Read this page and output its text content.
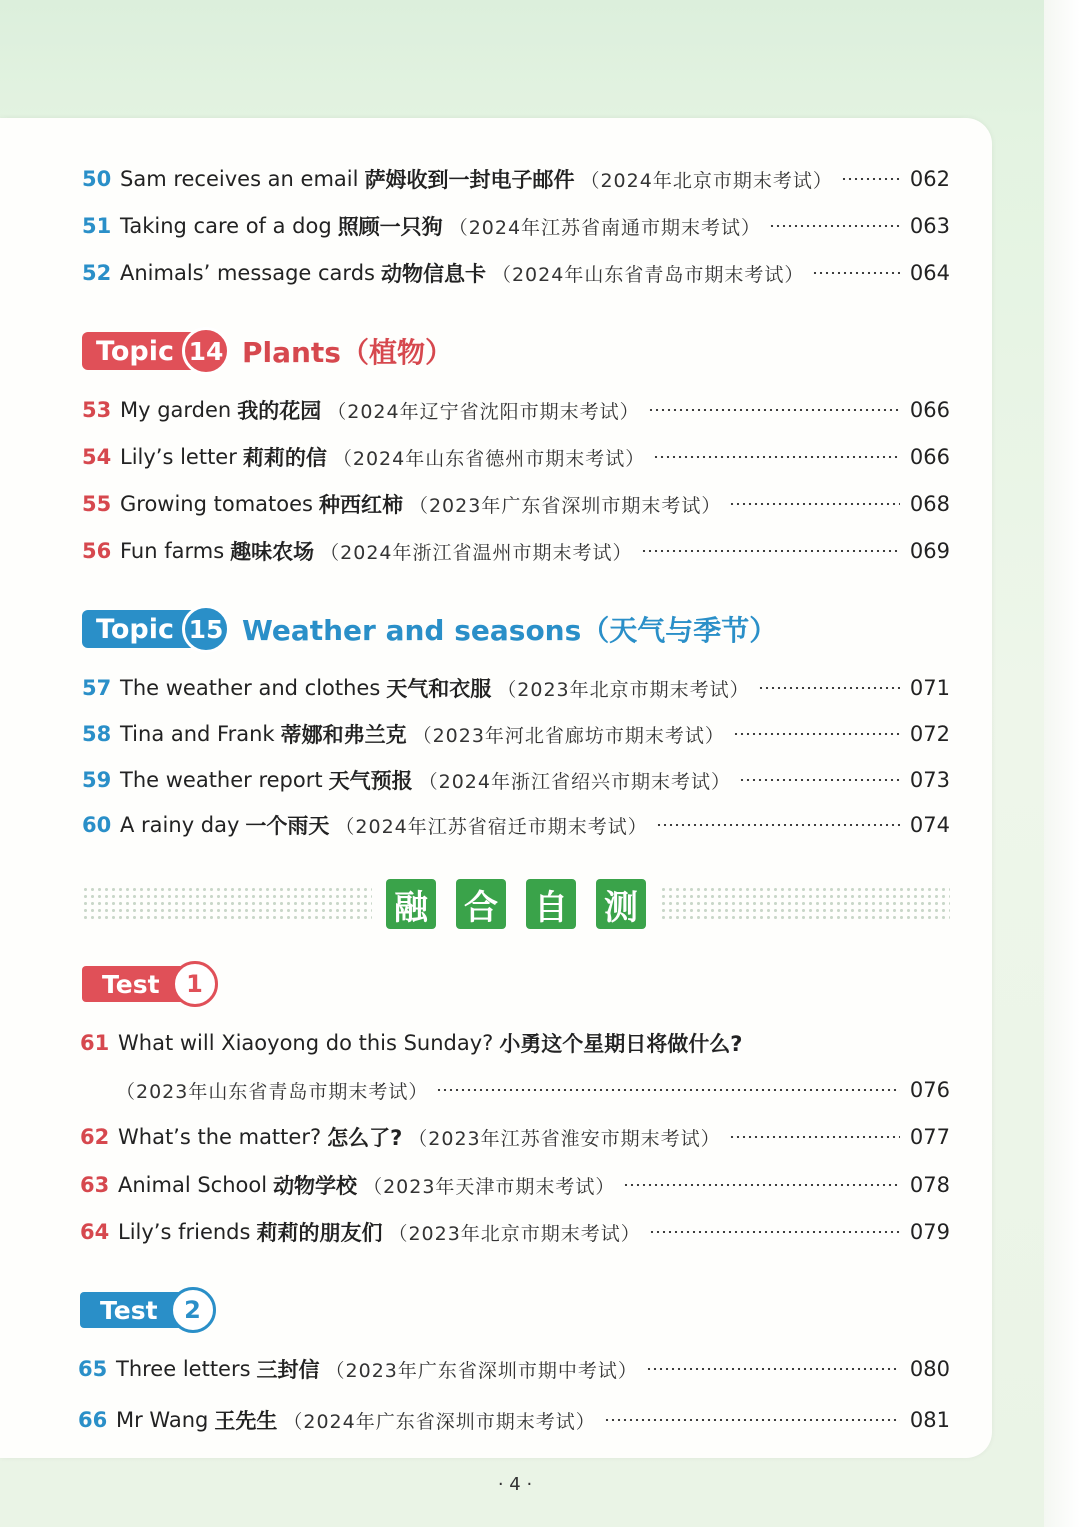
50 Sam receives an email 萨姆收到一封电子邮件 （2024年北京市期末考试）	062
51 Taking care of a dog 照顾一只狗 （2024年江苏省南通市期末考试）	063
52 Animals’ message cards 动物信息卡 （2024年山东省青岛市期末考试）	064
Topic 14 Plants（植物）
53 My garden 我的花园 （2024年辽宁省沈阳市期末考试）	066
54 Lily’s letter 莉莉的信 （2024年山东省德州市期末考试）	066
55 Growing tomatoes 种西红柿 （2023年广东省深圳市期末考试）	068
56 Fun farms 趣味农场 （2024年浙江省温州市期末考试）	069
Topic 15 Weather and seasons（天气与季节）
57 The weather and clothes 天气和衣服 （2023年北京市期末考试）	071
58 Tina and Frank 蒂娜和弗兰克 （2023年河北省廊坊市期末考试）	072
59 The weather report 天气预报 （2024年浙江省绍兴市期末考试）	073
60 A rainy day 一个雨天 （2024年江苏省宿迁市期末考试）	074
融 合 自 测
Test	1
61 What will Xiaoyong do this Sunday? 小勇这个星期日将做什么?
（2023年山东省青岛市期末考试）	076
62 What’s the matter? 怎么了? （2023年江苏省淮安市期末考试）	077
63 Animal School 动物学校 （2023年天津市期末考试）	078
64 Lily’s friends 莉莉的朋友们 （2023年北京市期末考试）	079
Test	2
65 Three letters 三封信 （2023年广东省深圳市期中考试）	080
66 Mr Wang 王先生 （2024年广东省深圳市期末考试）	081
· 4 ·
